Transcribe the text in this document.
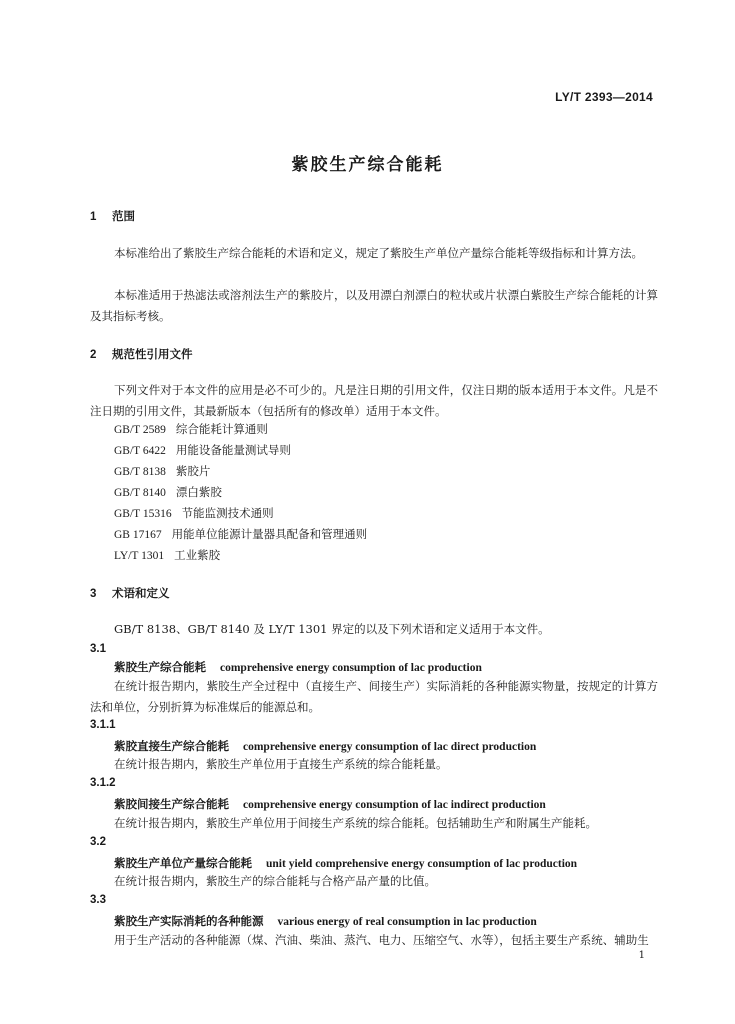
LY/T 2393—2014
紫胶生产综合能耗
1 范围
本标准给出了紫胶生产综合能耗的术语和定义，规定了紫胶生产单位产量综合能耗等级指标和计算方法。
本标准适用于热滤法或溶剂法生产的紫胶片，以及用漂白剂漂白的粒状或片状漂白紫胶生产综合能耗的计算及其指标考核。
2 规范性引用文件
下列文件对于本文件的应用是必不可少的。凡是注日期的引用文件，仅注日期的版本适用于本文件。凡是不注日期的引用文件，其最新版本（包括所有的修改单）适用于本文件。
GB/T 2589 综合能耗计算通则
GB/T 6422 用能设备能量测试导则
GB/T 8138 紫胶片
GB/T 8140 漂白紫胶
GB/T 15316 节能监测技术通则
GB 17167 用能单位能源计量器具配备和管理通则
LY/T 1301 工业紫胶
3 术语和定义
GB/T 8138、GB/T 8140 及 LY/T 1301 界定的以及下列术语和定义适用于本文件。
3.1
紫胶生产综合能耗 comprehensive energy consumption of lac production
在统计报告期内，紫胶生产全过程中（直接生产、间接生产）实际消耗的各种能源实物量，按规定的计算方法和单位，分别折算为标准煤后的能源总和。
3.1.1
紫胶直接生产综合能耗 comprehensive energy consumption of lac direct production
在统计报告期内，紫胶生产单位用于直接生产系统的综合能耗量。
3.1.2
紫胶间接生产综合能耗 comprehensive energy consumption of lac indirect production
在统计报告期内，紫胶生产单位用于间接生产系统的综合能耗。包括辅助生产和附属生产能耗。
3.2
紫胶生产单位产量综合能耗 unit yield comprehensive energy consumption of lac production
在统计报告期内，紫胶生产的综合能耗与合格产品产量的比值。
3.3
紫胶生产实际消耗的各种能源 various energy of real consumption in lac production
用于生产活动的各种能源（煤、汽油、柴油、蒸汽、电力、压缩空气、水等），包括主要生产系统、辅助生
1
